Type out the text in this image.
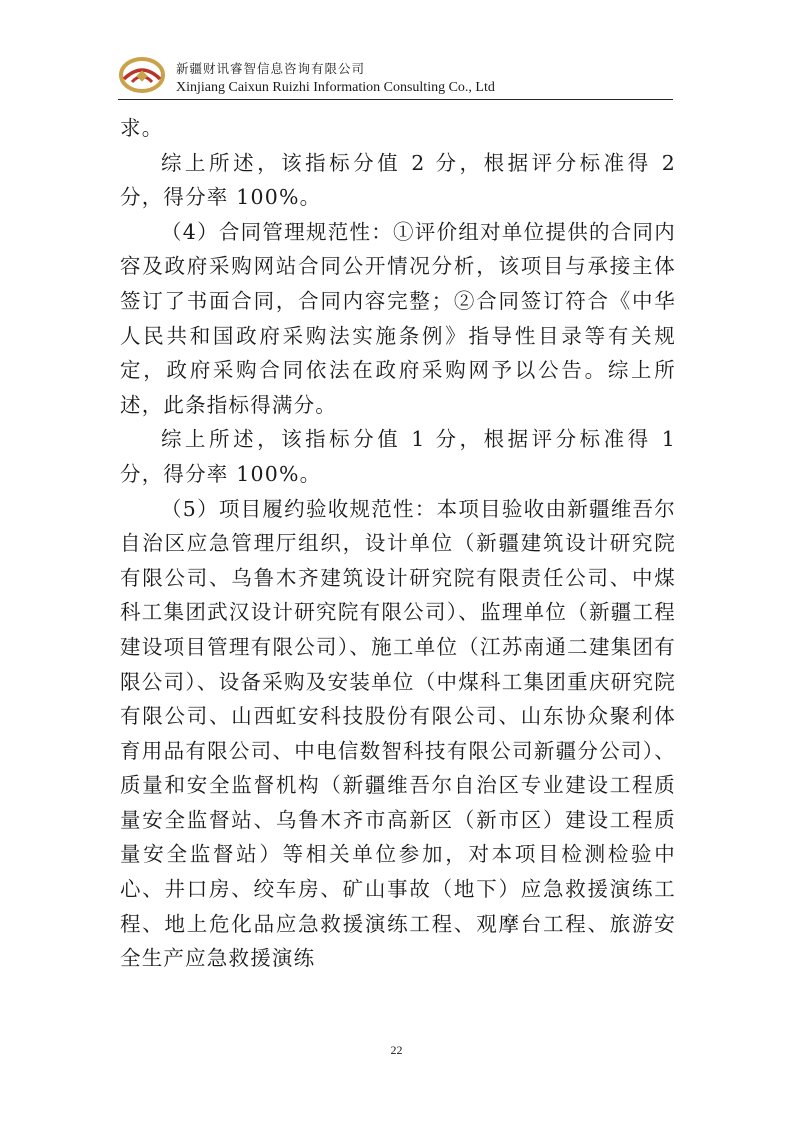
新疆财讯睿智信息咨询有限公司
Xinjiang Caixun Ruizhi Information Consulting Co., Ltd

求。

综上所述，该指标分值 2 分，根据评分标准得 2 分，得分率 100%。

（4）合同管理规范性：①评价组对单位提供的合同内容及政府采购网站合同公开情况分析，该项目与承接主体签订了书面合同，合同内容完整；②合同签订符合《中华人民共和国政府采购法实施条例》指导性目录等有关规定，政府采购合同依法在政府采购网予以公告。综上所述，此条指标得满分。

综上所述，该指标分值 1 分，根据评分标准得 1 分，得分率 100%。

（5）项目履约验收规范性：本项目验收由新疆维吾尔自治区应急管理厅组织，设计单位（新疆建筑设计研究院有限公司、乌鲁木齐建筑设计研究院有限责任公司、中煤科工集团武汉设计研究院有限公司）、监理单位（新疆工程建设项目管理有限公司）、施工单位（江苏南通二建集团有限公司）、设备采购及安装单位（中煤科工集团重庆研究院有限公司、山西虹安科技股份有限公司、山东协众聚利体育用品有限公司、中电信数智科技有限公司新疆分公司）、质量和安全监督机构（新疆维吾尔自治区专业建设工程质量安全监督站、乌鲁木齐市高新区（新市区）建设工程质量安全监督站）等相关单位参加，对本项目检测检验中心、井口房、绞车房、矿山事故（地下）应急救援演练工程、地上危化品应急救援演练工程、观摩台工程、旅游安全生产应急救援演练

22
